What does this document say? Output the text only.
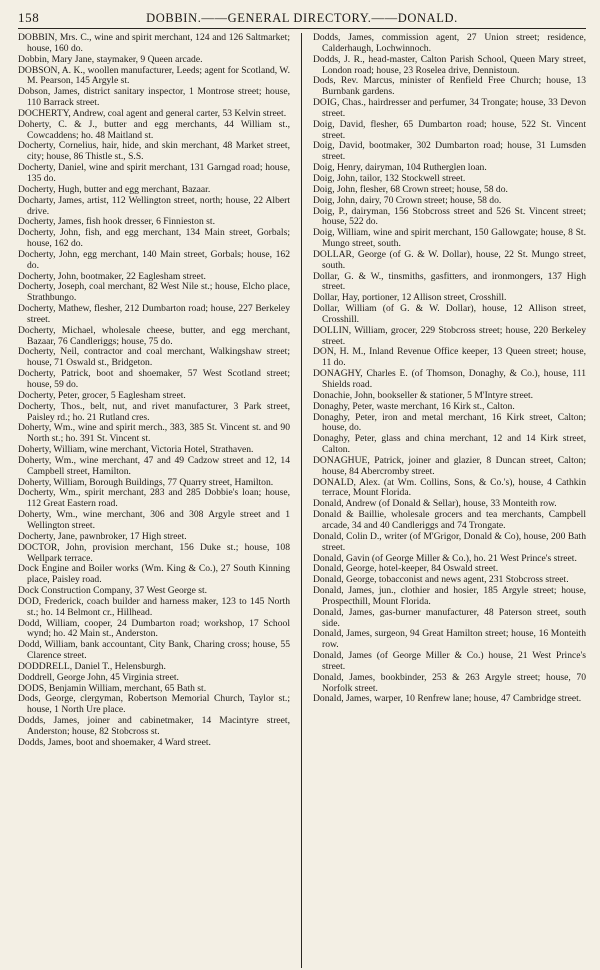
158	DOBBIN.——GENERAL DIRECTORY.——DONALD.
DOBBIN, Mrs. C., wine and spirit merchant, 124 and 126 Saltmarket; house, 160 do.
Dobbin, Mary Jane, staymaker, 9 Queen arcade.
DOBSON, A. K., woollen manufacturer, Leeds; agent for Scotland, W. M. Pearson, 145 Argyle st.
Dobson, James, district sanitary inspector, 1 Montrose street; house, 110 Barrack street.
DOCHERTY, Andrew, coal agent and general carter, 53 Kelvin street.
Doherty, C. & J., butter and egg merchants, 44 William st., Cowcaddens; ho. 48 Maitland st.
Docherty, Cornelius, hair, hide, and skin merchant, 48 Market street, city; house, 86 Thistle st., S.S.
Docherty, Daniel, wine and spirit merchant, 131 Garngad road; house, 135 do.
Docherty, Hugh, butter and egg merchant, Bazaar.
Docharty, James, artist, 112 Wellington street, north; house, 22 Albert drive.
Docherty, James, fish hook dresser, 6 Finnieston st.
Docherty, John, fish, and egg merchant, 134 Main street, Gorbals; house, 162 do.
Docherty, John, egg merchant, 140 Main street, Gorbals; house, 162 do.
Docherty, John, bootmaker, 22 Eaglesham street.
Docherty, Joseph, coal merchant, 82 West Nile st.; house, Elcho place, Strathbungo.
Docherty, Mathew, flesher, 212 Dumbarton road; house, 227 Berkeley street.
Docherty, Michael, wholesale cheese, butter, and egg merchant, Bazaar, 76 Candleriggs; house, 75 do.
Docherty, Neil, contractor and coal merchant, Walkingshaw street; house, 71 Oswald st., Bridgeton.
Docherty, Patrick, boot and shoemaker, 57 West Scotland street; house, 59 do.
Docherty, Peter, grocer, 5 Eaglesham street.
Docherty, Thos., belt, nut, and rivet manufacturer, 3 Park street, Paisley rd.; ho. 21 Rutland cres.
Doherty, Wm., wine and spirit merch., 383, 385 St. Vincent st. and 90 North st.; ho. 391 St. Vincent st.
Doherty, William, wine merchant, Victoria Hotel, Strathaven.
Doherty, Wm., wine merchant, 47 and 49 Cadzow street and 12, 14 Campbell street, Hamilton.
Doherty, William, Borough Buildings, 77 Quarry street, Hamilton.
Docherty, Wm., spirit merchant, 283 and 285 Dobbie's loan; house, 112 Great Eastern road.
Doherty, Wm., wine merchant, 306 and 308 Argyle street and 1 Wellington street.
Docherty, Jane, pawnbroker, 17 High street.
DOCTOR, John, provision merchant, 156 Duke st.; house, 108 Wellpark terrace.
Dock Engine and Boiler works (Wm. King & Co.), 27 South Kinning place, Paisley road.
Dock Construction Company, 37 West George st.
DOD, Frederick, coach builder and harness maker, 123 to 145 North st.; ho. 14 Belmont cr., Hillhead.
Dodd, William, cooper, 24 Dumbarton road; workshop, 17 School wynd; ho. 42 Main st., Anderston.
Dodd, William, bank accountant, City Bank, Charing cross; house, 55 Clarence street.
DODDRELL, Daniel T., Helensburgh.
Doddrell, George John, 45 Virginia street.
DODS, Benjamin William, merchant, 65 Bath st.
Dods, George, clergyman, Robertson Memorial Church, Taylor st.; house, 1 North Ure place.
Dodds, James, joiner and cabinetmaker, 14 Macintyre street, Anderston; house, 82 Stobcross st.
Dodds, James, boot and shoemaker, 4 Ward street.
Dodds, James, commission agent, 27 Union street; residence, Calderhaugh, Lochwinnoch.
Dodds, J. R., head-master, Calton Parish School, Queen Mary street, London road; house, 23 Roselea drive, Dennistoun.
Dods, Rev. Marcus, minister of Renfield Free Church; house, 13 Burnbank gardens.
DOIG, Chas., hairdresser and perfumer, 34 Trongate; house, 33 Devon street.
Doig, David, flesher, 65 Dumbarton road; house, 522 St. Vincent street.
Doig, David, bootmaker, 302 Dumbarton road; house, 31 Lumsden street.
Doig, Henry, dairyman, 104 Rutherglen loan.
Doig, John, tailor, 132 Stockwell street.
Doig, John, flesher, 68 Crown street; house, 58 do.
Doig, John, dairy, 70 Crown street; house, 58 do.
Doig, P., dairyman, 156 Stobcross street and 526 St. Vincent street; house, 522 do.
Doig, William, wine and spirit merchant, 150 Gallowgate; house, 8 St. Mungo street, south.
DOLLAR, George (of G. & W. Dollar), house, 22 St. Mungo street, south.
Dollar, G. & W., tinsmiths, gasfitters, and ironmongers, 137 High street.
Dollar, Hay, portioner, 12 Allison street, Crosshill.
Dollar, William (of G. & W. Dollar), house, 12 Allison street, Crosshill.
DOLLIN, William, grocer, 229 Stobcross street; house, 220 Berkeley street.
DON, H. M., Inland Revenue Office keeper, 13 Queen street; house, 11 do.
DONAGHY, Charles E. (of Thomson, Donaghy, & Co.), house, 111 Shields road.
Donachie, John, bookseller & stationer, 5 M'Intyre street.
Donaghy, Peter, waste merchant, 16 Kirk st., Calton.
Donaghy, Peter, iron and metal merchant, 16 Kirk street, Calton; house, do.
Donaghy, Peter, glass and china merchant, 12 and 14 Kirk street, Calton.
DONAGHUE, Patrick, joiner and glazier, 8 Duncan street, Calton; house, 84 Abercromby street.
DONALD, Alex. (at Wm. Collins, Sons, & Co.'s), house, 4 Cathkin terrace, Mount Florida.
Donald, Andrew (of Donald & Sellar), house, 33 Monteith row.
Donald & Baillie, wholesale grocers and tea merchants, Campbell arcade, 34 and 40 Candleriggs and 74 Trongate.
Donald, Colin D., writer (of M'Grigor, Donald & Co), house, 200 Bath street.
Donald, Gavin (of George Miller & Co.), ho. 21 West Prince's street.
Donald, George, hotel-keeper, 84 Oswald street.
Donald, George, tobacconist and news agent, 231 Stobcross street.
Donald, James, jun., clothier and hosier, 185 Argyle street; house, Prospecthill, Mount Florida.
Donald, James, gas-burner manufacturer, 48 Paterson street, south side.
Donald, James, surgeon, 94 Great Hamilton street; house, 16 Monteith row.
Donald, James (of George Miller & Co.) house, 21 West Prince's street.
Donald, James, bookbinder, 253 & 263 Argyle street; house, 70 Norfolk street.
Donald, James, warper, 10 Renfrew lane; house, 47 Cambridge street.
